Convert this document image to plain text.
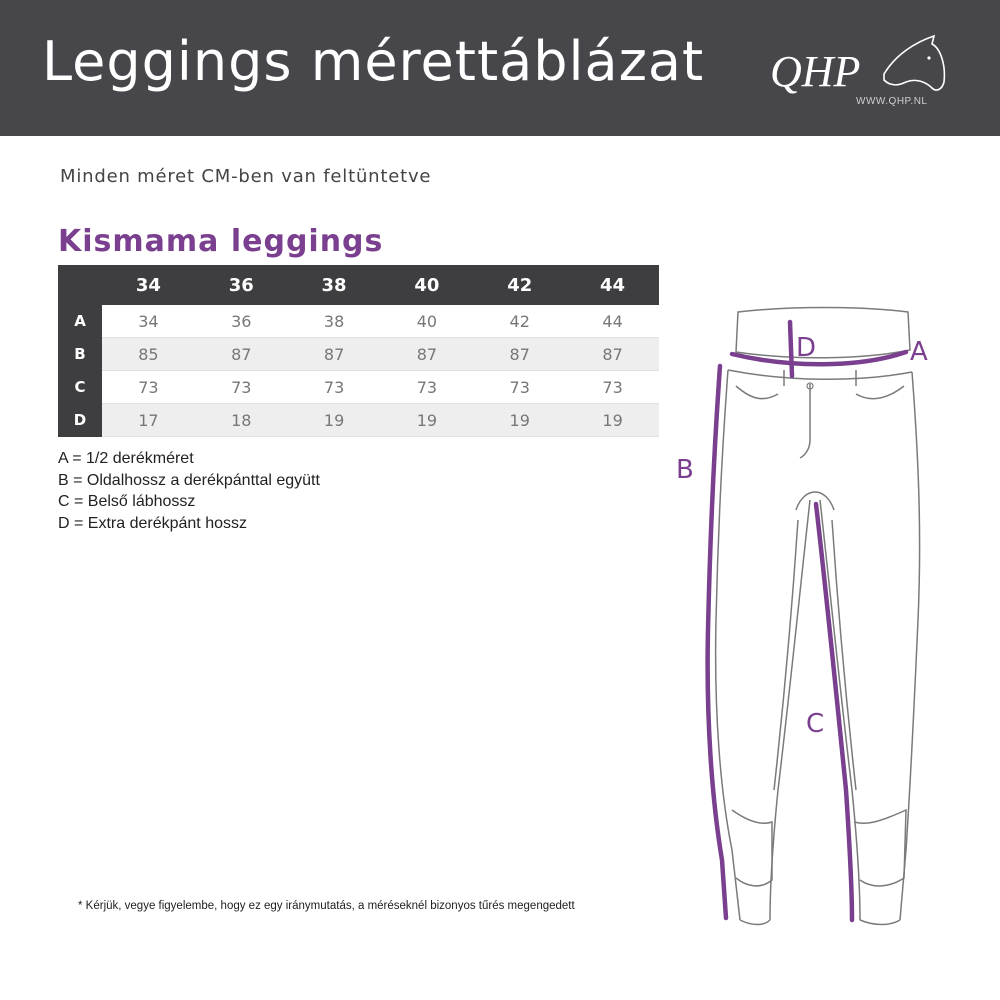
Leggings mérettáblázat QHP
WWW.QHP.NL
Minden méret CM-ben van feltüntetve
Kismama leggings
	34	36	38	40	42	44
A	34	36	38	40	42	44
B	85	87	87	87	87	87
C	73	73	73	73	73	73
D	17	18	19	19	19	19
A = 1/2 derékméret
B = Oldalhossz a derékpánttal együtt
C = Belső lábhossz
D = Extra derékpánt hossz
A
D
B
C
* Kérjük, vegye figyelembe, hogy ez egy iránymutatás, a méréseknél bizonyos tűrés megengedett
